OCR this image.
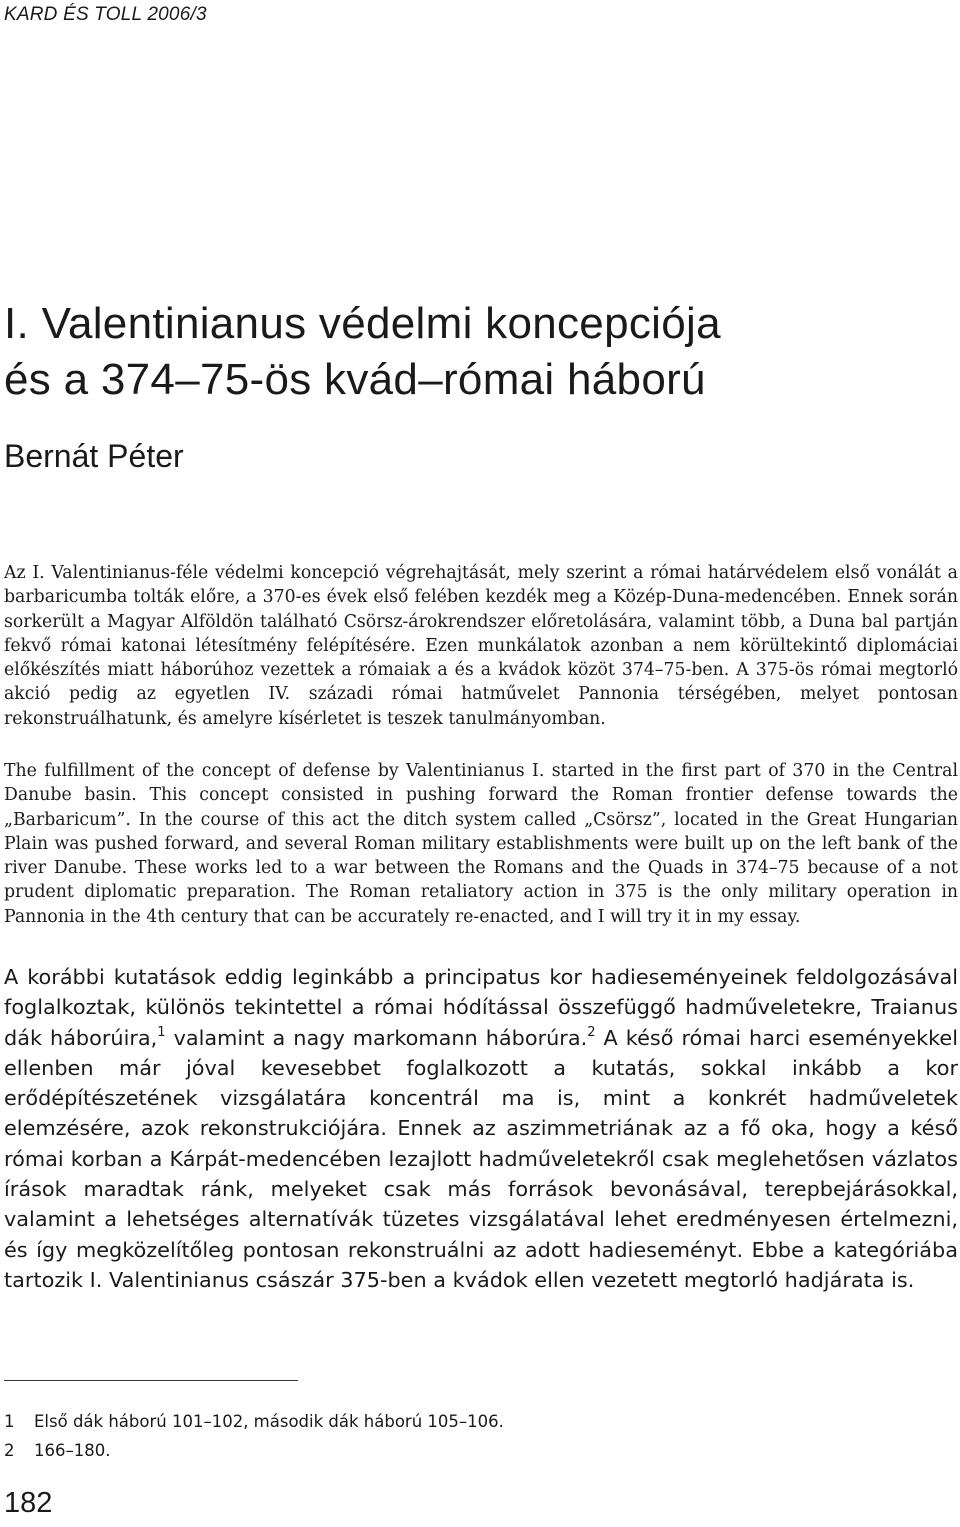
KARD ÉS TOLL 2006/3
I. Valentinianus védelmi koncepciója
és a 374–75-ös kvád–római háború
Bernát Péter

Az I. Valentinianus-féle védelmi koncepció végrehajtását, mely szerint a római határvédelem első vonálát a barbaricumba tolták előre, a 370-es évek első felében kezdék meg a Közép-Duna-medencében. Ennek során sorkerült a Magyar Alföldön található Csörsz-árokrendszer előretolására, valamint több, a Duna bal partján fekvő római katonai létesítmény felépítésére. Ezen munkálatok azonban a nem körültekintő diplomáciai előkészítés miatt háborúhoz vezettek a rómaiak a és a kvádok közöt 374–75-ben. A 375-ös római megtorló akció pedig az egyetlen IV. századi római hatművelet Pannonia térségében, melyet pontosan rekonstruálhatunk, és amelyre kísérletet is teszek tanulmányomban.

The fulfillment of the concept of defense by Valentinianus I. started in the first part of 370 in the Central Danube basin. This concept consisted in pushing forward the Roman frontier defense towards the „Barbaricum”. In the course of this act the ditch system called „Csörsz”, located in the Great Hungarian Plain was pushed forward, and several Roman military establishments were built up on the left bank of the river Danube. These works led to a war between the Romans and the Quads in 374–75 because of a not prudent diplomatic preparation. The Roman retaliatory action in 375 is the only military operation in Pannonia in the 4th century that can be accurately re-enacted, and I will try it in my essay.

A korábbi kutatások eddig leginkább a principatus kor hadieseményeinek feldolgozásával foglalkoztak, különös tekintettel a római hódítással összefüggő hadműveletekre, Traianus dák háborúira,$^1$ valamint a nagy markomann háborúra.$^2$ A késő római harci eseményekkel ellenben már jóval kevesebbet foglalkozott a kutatás, sokkal inkább a kor erődépítészetének vizsgálatára koncentrál ma is, mint a konkrét hadműveletek elemzésére, azok rekonstrukciójára. Ennek az aszimmetriának az a fő oka, hogy a késő római korban a Kárpát-medencében lezajlott hadműveletekről csak meglehetősen vázlatos írások maradtak ránk, melyeket csak más források bevonásával, terepbejárásokkal, valamint a lehetséges alternatívák tüzetes vizsgálatával lehet eredményesen értelmezni, és így megközelítőleg pontosan rekonstruálni az adott hadieseményt. Ebbe a kategóriába tartozik I. Valentinianus császár 375-ben a kvádok ellen vezetett megtorló hadjárata is.

1 Első dák háború 101–102, második dák háború 105–106.
2 166–180.
182
